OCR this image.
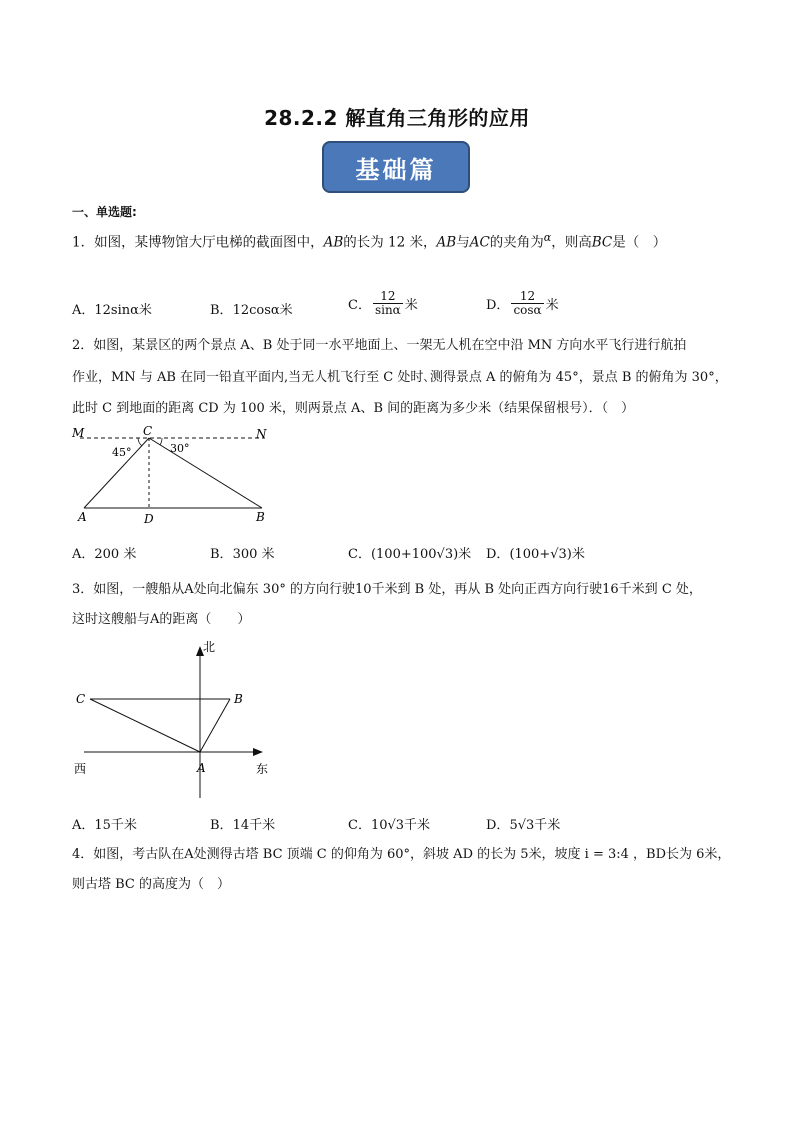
28.2.2 解直角三角形的应用
基础篇
一、单选题:
1．如图，某博物馆大厅电梯的截面图中，AB的长为 12 米，AB与AC的夹角为$^\alpha$，则高BC是（　）
A．12sinα米	B．12cosα米	C． $\frac{12}{\sin\alpha}$ 米	D． $\frac{12}{\cos\alpha}$ 米
2．如图，某景区的两个景点 A、B 处于同一水平地面上、一架无人机在空中沿 MN 方向水平飞行进行航拍
作业，MN 与 AB 在同一铅直平面内,当无人机飞行至 C 处时､测得景点 A 的俯角为 45°，景点 B 的俯角为 30°，
此时 C 到地面的距离 CD 为 100 米，则两景点 A、B 间的距离为多少米（结果保留根号）．（　）
M	C	N
A	D	B
45°	30°
A．200 米	B．300 米	C．(100+100√3)米 D．(100+√3)米
3．如图，一艘船从A处向北偏东 30° 的方向行驶10千米到 B 处，再从 B 处向正西方向行驶16千米到 C 处，
这时这艘船与A的距离（　　）
北
西	东
A
B
C
A．15千米	B．14千米	C．10√3千米	D．5√3千米
4．如图，考古队在A处测得古塔 BC 顶端 C 的仰角为 60°，斜坡 AD 的长为 5米，坡度 i = 3:4 ，BD长为 6米，
则古塔 BC 的高度为（　）
